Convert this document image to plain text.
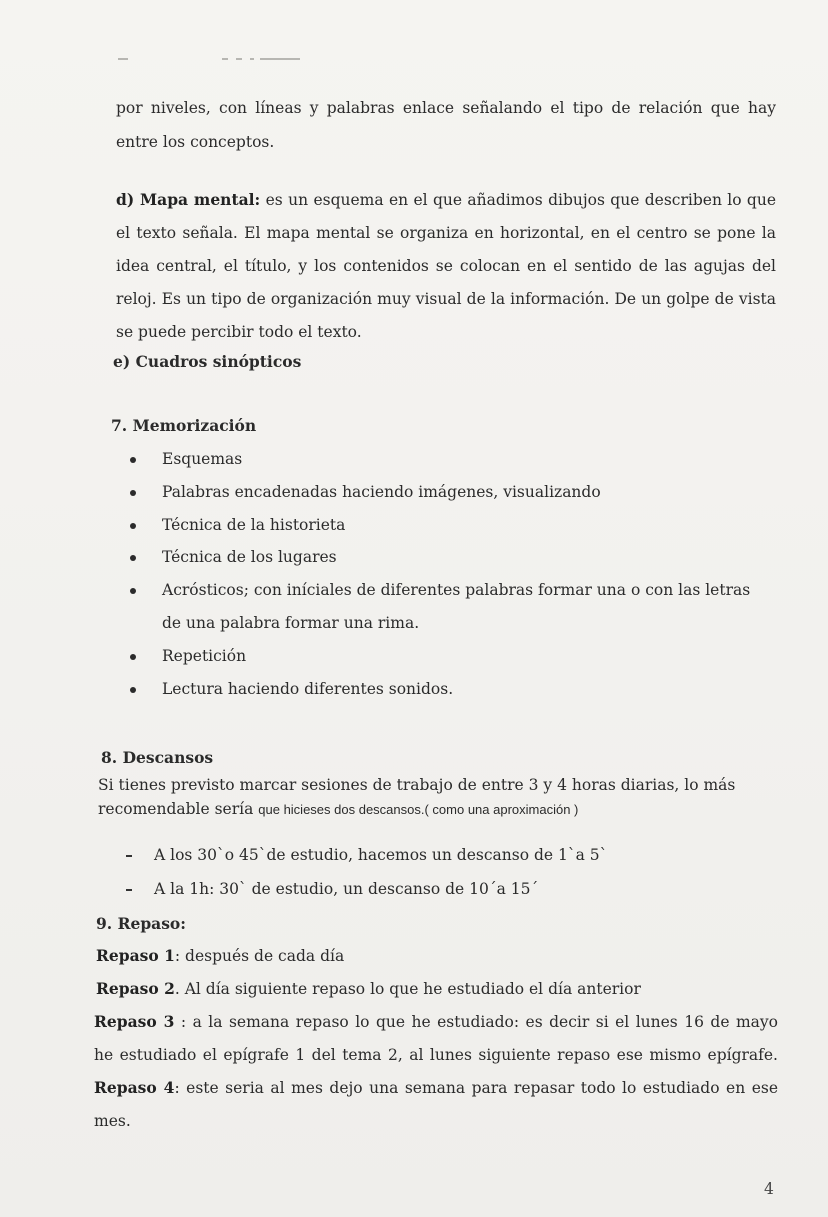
por niveles, con líneas y palabras enlace señalando el tipo de relación que hay
entre los conceptos.
d) Mapa mental: es un esquema en el que añadimos dibujos que describen lo que
el texto señala. El mapa mental se organiza en horizontal, en el centro se pone la
idea central, el título, y los contenidos se colocan en el sentido de las agujas del
reloj. Es un tipo de organización muy visual de la información. De un golpe de vista
se puede percibir todo el texto.
e) Cuadros sinópticos
7. Memorización
Esquemas
Palabras encadenadas haciendo imágenes, visualizando
Técnica de la historieta
Técnica de los lugares
Acrósticos; con iníciales de diferentes palabras formar una o con las letras
de una palabra formar una rima.
Repetición
Lectura haciendo diferentes sonidos.
8. Descansos
Si tienes previsto marcar sesiones de trabajo de entre 3 y 4 horas diarias, lo más
recomendable sería que hicieses dos descansos.( como una aproximación )
A los 30`o 45`de estudio, hacemos un descanso de 1`a 5`
A la 1h: 30` de estudio, un descanso de 10´a 15´
9. Repaso:
Repaso 1: después de cada día
Repaso 2. Al día siguiente repaso lo que he estudiado el día anterior
Repaso 3 : a la semana repaso lo que he estudiado: es decir si el lunes 16 de mayo
he estudiado el epígrafe 1 del tema 2, al lunes siguiente repaso ese mismo epígrafe.
Repaso 4: este seria al mes dejo una semana para repasar todo lo estudiado en ese
mes.
4
